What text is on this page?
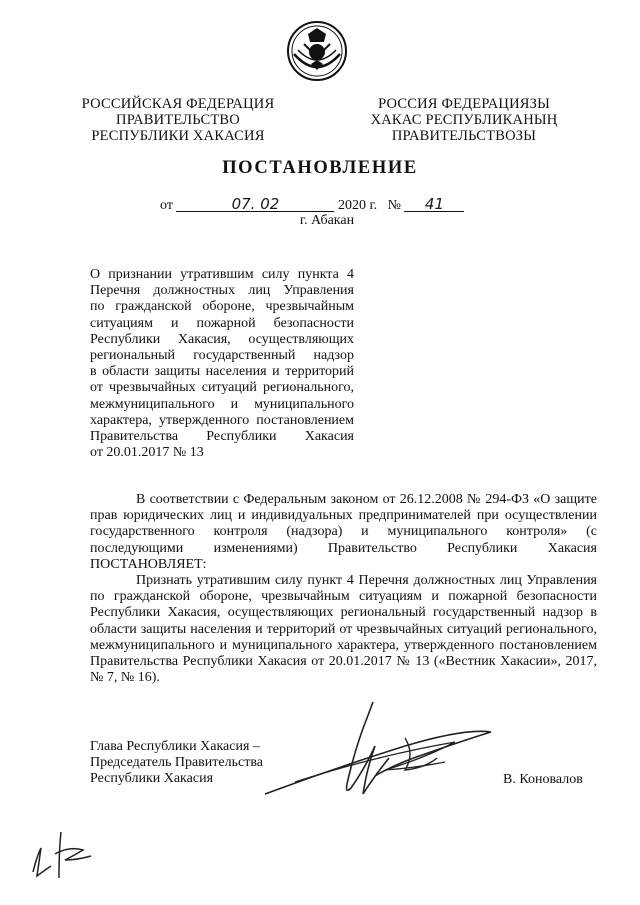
РОССИЙСКАЯ ФЕДЕРАЦИЯ
ПРАВИТЕЛЬСТВО
РЕСПУБЛИКИ ХАКАСИЯ
РОССИЯ ФЕДЕРАЦИЯЗЫ
ХАКАС РЕСПУБЛИКАНЫҢ
ПРАВИТЕЛЬСТВОЗЫ
ПОСТАНОВЛЕНИЕ
от	07. 02	2020 г. № 41
г. Абакан
О признании утратившим силу пункта 4
Перечня должностных лиц Управления
по гражданской обороне, чрезвычайным
ситуациям и пожарной безопасности
Республики Хакасия, осуществляющих
региональный государственный надзор
в области защиты населения и территорий
от чрезвычайных ситуаций регионального,
межмуниципального и муниципального
характера, утвержденного постановлением
Правительства Республики Хакасия
от 20.01.2017 № 13

В соответствии с Федеральным законом от 26.12.2008 № 294-ФЗ «О защите прав юридических лиц и индивидуальных предпринимателей при осуществлении государственного контроля (надзора) и муниципального контроля» (с последующими изменениями) Правительство Республики Хакасия ПОСТАНОВЛЯЕТ:

Признать утратившим силу пункт 4 Перечня должностных лиц Управления по гражданской обороне, чрезвычайным ситуациям и пожарной безопасности Республики Хакасия, осуществляющих региональный государственный надзор в области защиты населения и территорий от чрезвычайных ситуаций регионального, межмуниципального и муниципального характера, утвержденного постановлением Правительства Республики Хакасия от 20.01.2017 № 13 («Вестник Хакасии», 2017, № 7, № 16).

Глава Республики Хакасия –
Председатель Правительства
Республики Хакасия	В. Коновалов
